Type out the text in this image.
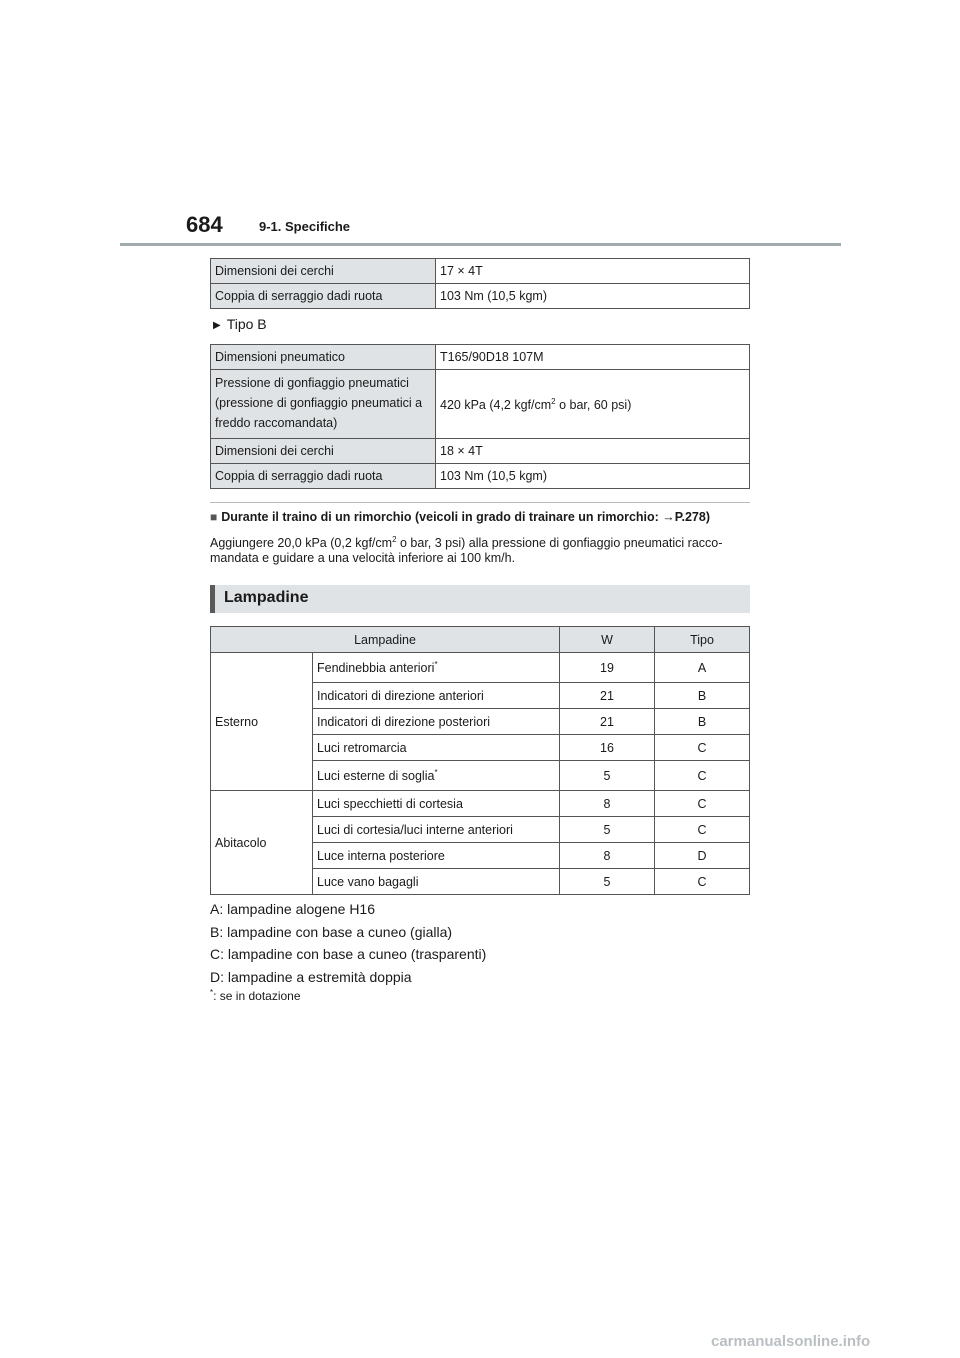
684	9-1. Specifiche
Dimensioni dei cerchi	17 × 4T
Coppia di serraggio dadi ruota	103 Nm (10,5 kgm)
▶ Tipo B
Dimensioni pneumatico	T165/90D18 107M

Pressione di gonfiaggio pneumatici
(pressione di gonfiaggio pneumatici a
freddo raccomandata)	420 kPa (4,2 kgf/$cm^2$ o bar, 60 psi)
Dimensioni dei cerchi	18 × 4T
Coppia di serraggio dadi ruota	103 Nm (10,5 kgm)
■ Durante il traino di un rimorchio (veicoli in grado di trainare un rimorchio: →P.278)
Aggiungere 20,0 kPa (0,2 kgf/$cm^2$ o bar, 3 psi) alla pressione di gonfiaggio pneumatici racco-mandata e guidare a una velocità inferiore ai 100 km/h.
Lampadine
Lampadine		W	Tipo
Esterno	Fendinebbia anteriori*	19	A
	Indicatori di direzione anteriori	21	B
	Indicatori di direzione posteriori	21	B
	Luci retromarcia	16	C
	Luci esterne di soglia*	5	C
Abitacolo	Luci specchietti di cortesia	8	C
	Luci di cortesia/luci interne anteriori	5	C
	Luce interna posteriore	8	D
	Luce vano bagagli	5	C
A: lampadine alogene H16
B: lampadine con base a cuneo (gialla)
C: lampadine con base a cuneo (trasparenti)
D: lampadine a estremità doppia
*: se in dotazione
carmanualsonline.info
